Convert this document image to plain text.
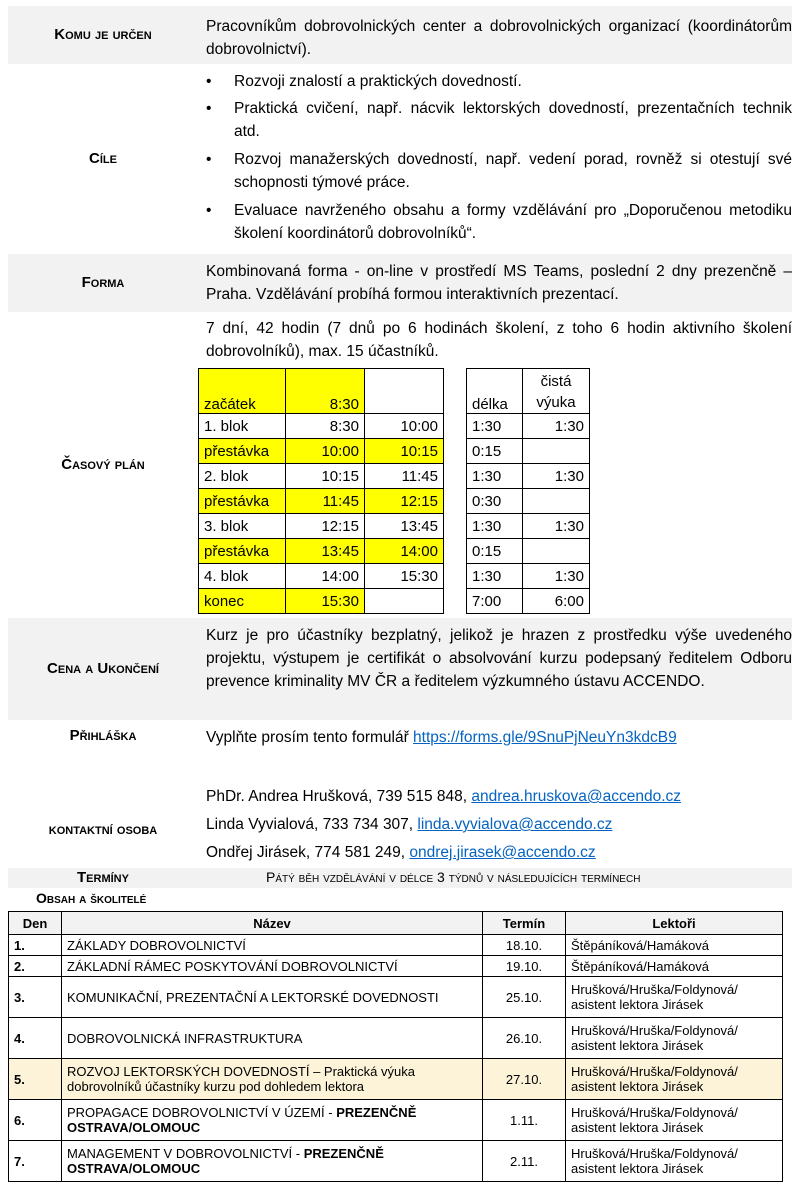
Komu je určen	Pracovníkům dobrovolnických center a dobrovolnických organizací (koordinátorům dobrovolnictví).
Cíle

• Rozvoji znalostí a praktických dovedností.

• Praktická cvičení, např. nácvik lektorských dovedností, prezentačních technik atd.

• Rozvoj manažerských dovedností, např. vedení porad, rovněž si otestují své schopnosti týmové práce.

• Evaluace navrženého obsahu a formy vzdělávání pro „Doporučenou metodiku školení koordinátorů dobrovolníků“.

Forma
Kombinovaná forma - on-line v prostředí MS Teams, poslední 2 dny prezenčně – Praha. Vzdělávání probíhá formou interaktivních prezentací.
Časový plán
7 dní, 42 hodin (7 dnů po 6 hodinách školení, z toho 6 hodin aktivního školení dobrovolníků), max. 15 účastníků.
začátek	8:30			délka	čistá
výuka
1. blok	8:30	10:00		1:30	1:30
přestávka	10:00	10:15		0:15	
2. blok	10:15	11:45		1:30	1:30
přestávka	11:45	12:15		0:30	
3. blok	12:15	13:45		1:30	1:30
přestávka	13:45	14:00		0:15	
4. blok	14:00	15:30		1:30	1:30
konec	15:30			7:00	6:00
Cena a Ukončení
Kurz je pro účastníky bezplatný, jelikož je hrazen z prostředku výše uvedeného projektu, výstupem je certifikát o absolvování kurzu podepsaný ředitelem Odboru prevence kriminality MV ČR a ředitelem výzkumného ústavu ACCENDO.
Přihláška	Vyplňte prosím tento formulář https://forms.gle/9SnuPjNeuYn3kdcB9
kontaktní osoba
PhDr. Andrea Hrušková, 739 515 848, andrea.hruskova@accendo.cz
Linda Vyvialová, 733 734 307, linda.vyvialova@accendo.cz
Ondřej Jirásek, 774 581 249, ondrej.jirasek@accendo.cz
Termíny	Pátý běh vzdělávání v délce 3 týdnů v následujících termínech
Obsah a školitelé
Den	Název	Termín	Lektoři
1.	ZÁKLADY DOBROVOLNICTVÍ	18.10.	Štěpáníková/Hamáková
2.	ZÁKLADNÍ RÁMEC POSKYTOVÁNÍ DOBROVOLNICTVÍ	19.10.	Štěpáníková/Hamáková
3.	KOMUNIKAČNÍ, PREZENTAČNÍ A LEKTORSKÉ DOVEDNOSTI	25.10.	Hrušková/Hruška/Foldynová/ asistent lektora Jirásek
4.	DOBROVOLNICKÁ INFRASTRUKTURA	26.10.	Hrušková/Hruška/Foldynová/ asistent lektora Jirásek
5.	ROZVOJ LEKTORSKÝCH DOVEDNOSTÍ – Praktická výuka dobrovolníků účastníky kurzu pod dohledem lektora	27.10.	Hrušková/Hruška/Foldynová/ asistent lektora Jirásek
6.	PROPAGACE DOBROVOLNICTVÍ V ÚZEMÍ - PREZENČNĚ OSTRAVA/OLOMOUC	1.11.	Hrušková/Hruška/Foldynová/ asistent lektora Jirásek
7.	MANAGEMENT V DOBROVOLNICTVÍ - PREZENČNĚ OSTRAVA/OLOMOUC	2.11.	Hrušková/Hruška/Foldynová/ asistent lektora Jirásek
